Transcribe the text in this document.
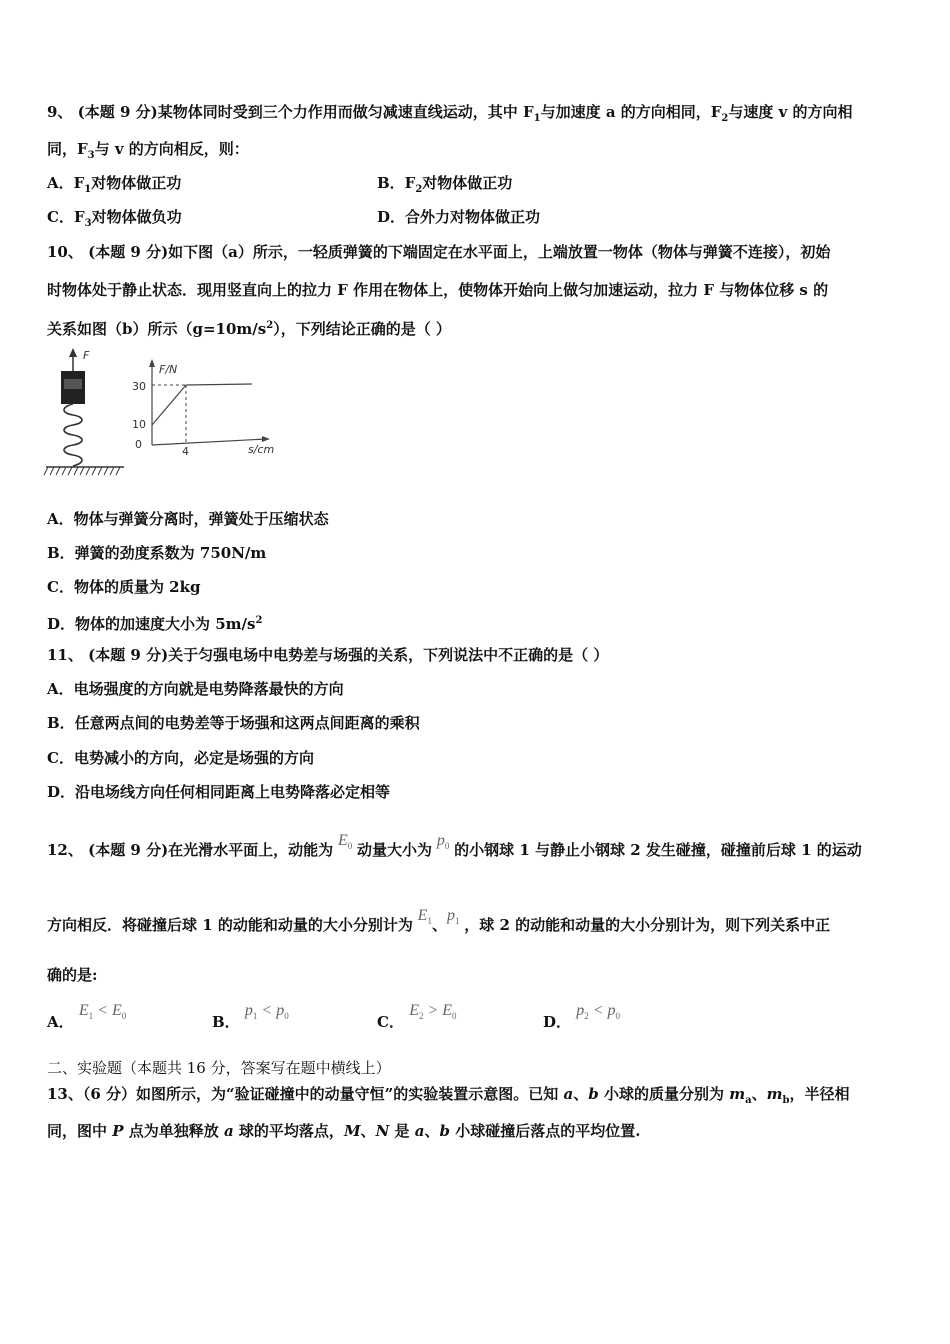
9、 (本题 9 分)某物体同时受到三个力作用而做匀减速直线运动，其中 $F_1$与加速度 a 的方向相同，$F_2$与速度 v 的方向相
同，$F_3$与 v 的方向相反，则：
A．$F_1$对物体做正功	B．$F_2$对物体做正功
C．$F_3$对物体做负功	D．合外力对物体做正功
10、 (本题 9 分)如下图（a）所示，一轻质弹簧的下端固定在水平面上，上端放置一物体（物体与弹簧不连接），初始
时物体处于静止状态．现用竖直向上的拉力 F 作用在物体上，使物体开始向上做匀加速运动，拉力 F 与物体位移 s 的
关系如图（b）所示$(g=10m/s^2)$，下列结论正确的是（ ）
F
F/N
s/cm
30
10
0
4
A．物体与弹簧分离时，弹簧处于压缩状态
B．弹簧的劲度系数为 750N/m
C．物体的质量为 2kg
D．物体的加速度大小为 $5m/s^2$
11、 (本题 9 分)关于匀强电场中电势差与场强的关系，下列说法中不正确的是（ ）
A．电场强度的方向就是电势降落最快的方向
B．任意两点间的电势差等于场强和这两点间距离的乘积
C．电势减小的方向，必定是场强的方向
D．沿电场线方向任何相同距离上电势降落必定相等
12、 (本题 9 分)在光滑水平面上，动能为 $E_0$ 动量大小为 $p_0$ 的小钢球 1 与静止小钢球 2 发生碰撞，碰撞前后球 1 的运动
方向相反．将碰撞后球 1 的动能和动量的大小分别计为 $E_1$、$p_1$ ，球 2 的动能和动量的大小分别计为，则下列关系中正
确的是:
A． $E_1 < E_0$	B． $p_1 < p_0$	C． $E_2 > E_0$	D． $p_2 < p_0$
二、实验题（本题共 16 分，答案写在题中横线上）
13、（6 分）如图所示，为“验证碰撞中的动量守恒”的实验装置示意图。已知 a、b 小球的质量分别为 $m_a$、$m_b$，半径相
同，图中 P 点为单独释放 a 球的平均落点，M、N 是 a、b 小球碰撞后落点的平均位置.
